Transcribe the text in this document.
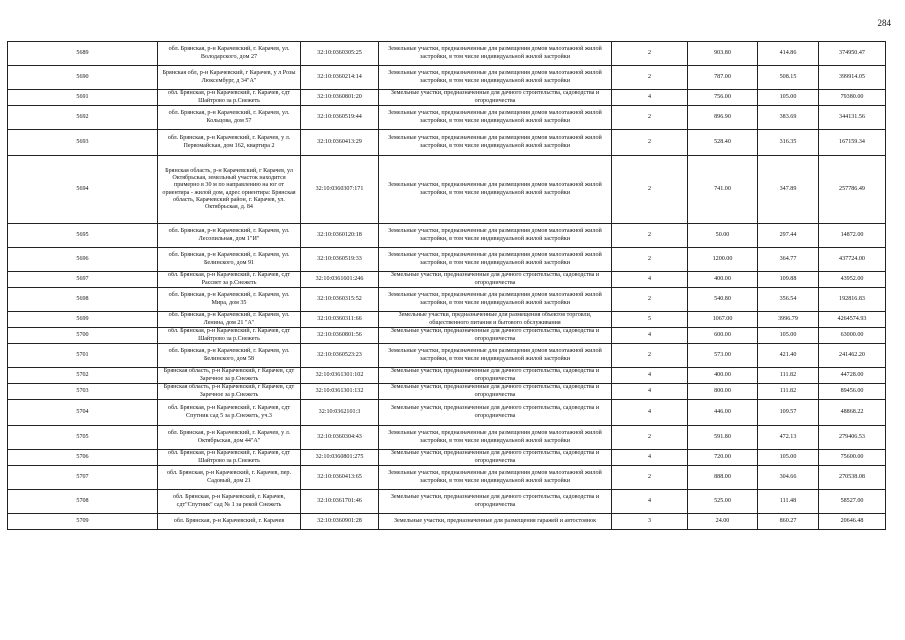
284
5689	обл. Брянская, р-н Карачевский, г. Карачев, ул. Володарского, дом 27	32:10:0360305:25	Земельные участки, предназначенные для размещения домов малоэтажной жилой застройки, в том числе индивидуальной жилой застройки	2	903.80	414.86	374950.47
5690	Брянская обл, р-н Карачевский, г Карачев, у л Розы Люксембург, д 34"А"	32:10:0360214:14	Земельные участки, предназначенные для размещения домов малоэтажной жилой застройки, в том числе индивидуальной жилой застройки	2	787.00	508.15	399914.05
5691	обл. Брянская, р-н Карачевский, г. Карачев, сдт Шайтрово за р.Снежеть	32:10:0360801:20	Земельные участки, предназначенные для дачного строительства, садоводства и огородничества	4	756.00	105.00	79380.00
5692	обл. Брянская, р-н Карачевский, г. Карачев, ул. Кольцова, дом 57	32:10:0360519:44	Земельные участки, предназначенные для размещения домов малоэтажной жилой застройки, в том числе индивидуальной жилой застройки	2	896.90	383.69	344131.56
5693	обл. Брянская, р-н Карачевский, г. Карачев, у л. Первомайская, дом 162, квартира 2	32:10:0360413:29	Земельные участки, предназначенные для размещения домов малоэтажной жилой застройки, в том числе индивидуальной жилой застройки	2	528.40	316.35	167159.34
5694	Брянская область, р-н Карачевский, г Карачев, ул Октябрьская, земельный участок находится примерно в 30 м по направлению на юг от ориентира - жилой дом, адрес ориентира: Брянская область, Карачевский район, г. Карачев, ул. Октябрьская, д. 84	32:10:0360307:171	Земельные участки, предназначенные для размещения домов малоэтажной жилой застройки, в том числе индивидуальной жилой застройки	2	741.00	347.89	257786.49
5695	обл. Брянская, р-н Карачевский, г. Карачев, ул. Лесопильная, дом 1"И"	32:10:0360120:18	Земельные участки, предназначенные для размещения домов малоэтажной жилой застройки, в том числе индивидуальной жилой застройки	2	50.00	297.44	14872.00
5696	обл. Брянская, р-н Карачевский, г. Карачев, ул. Белинского, дом 91	32:10:0360519:33	Земельные участки, предназначенные для размещения домов малоэтажной жилой застройки, в том числе индивидуальной жилой застройки	2	1200.00	364.77	437724.00
5697	обл. Брянская, р-н Карачевский, г. Карачев, сдт Рассвет за р.Снежеть	32:10:0361601:246	Земельные участки, предназначенные для дачного строительства, садоводства и огородничества	4	400.00	109.88	43952.00
5698	обл. Брянская, р-н Карачевский, г. Карачев, ул. Мира, дом 35	32:10:0360315:52	Земельные участки, предназначенные для размещения домов малоэтажной жилой застройки, в том числе индивидуальной жилой застройки	2	540.80	356.54	192816.83
5699	обл. Брянская, р-н Карачевский, г. Карачев, ул. Ленина, дом 21 "А"	32:10:0360311:66	Земельные участки, предназначенные для размещения объектов торговли, общественного питания и бытового обслуживания	5	1067.00	3996.79	4264574.93
5700	обл. Брянская, р-н Карачевский, г. Карачев, сдт Шайтрово за р.Снежеть	32:10:0360801:56	Земельные участки, предназначенные для дачного строительства, садоводства и огородничества	4	600.00	105.00	63000.00
5701	обл. Брянская, р-н Карачевский, г. Карачев, ул. Белинского, дом 58	32:10:0360523:23	Земельные участки, предназначенные для размещения домов малоэтажной жилой застройки, в том числе индивидуальной жилой застройки	2	573.00	421.40	241462.20
5702	Брянская область, р-н Карачевский, г Карачев, сдт Заречное за р.Снежеть	32:10:0361301:102	Земельные участки, предназначенные для дачного строительства, садоводства и огородничества	4	400.00	111.82	44728.00
5703	Брянская область, р-н Карачевский, г Карачев, сдт Заречное за р.Снежеть	32:10:0361301:132	Земельные участки, предназначенные для дачного строительства, садоводства и огородничества	4	800.00	111.82	89456.00
5704	обл. Брянская, р-н Карачевский, г. Карачев, сдт Спутник сад 5 за р.Снежеть, уч.3	32:10:0362101:3	Земельные участки, предназначенные для дачного строительства, садоводства и огородничества	4	446.00	109.57	48868.22
5705	обл. Брянская, р-н Карачевский, г. Карачев, у л. Октябрьская, дом 44"А"	32:10:0360304:43	Земельные участки, предназначенные для размещения домов малоэтажной жилой застройки, в том числе индивидуальной жилой застройки	2	591.80	472.13	279406.53
5706	обл. Брянская, р-н Карачевский, г. Карачев, сдт Шайтрово за р.Снежеть	32:10:0360801:275	Земельные участки, предназначенные для дачного строительства, садоводства и огородничества	4	720.00	105.00	75600.00
5707	обл. Брянская, р-н Карачевский, г. Карачев, пер. Садовый, дом 21	32:10:0360413:65	Земельные участки, предназначенные для размещения домов малоэтажной жилой застройки, в том числе индивидуальной жилой застройки	2	888.00	304.66	270538.08
5708	обл. Брянская, р-н Карачевский, г. Карачев, сдт"Спутник" сад № 1 за рекой Снежеть	32:10:0361701:46	Земельные участки, предназначенные для дачного строительства, садоводства и огородничества	4	525.00	111.48	58527.00
5709	обл. Брянская, р-н Карачевский, г. Карачев	32:10:0360901:28	Земельные участки, предназначенные для размещения гаражей и автостоянок	3	24.00	860.27	20646.48
